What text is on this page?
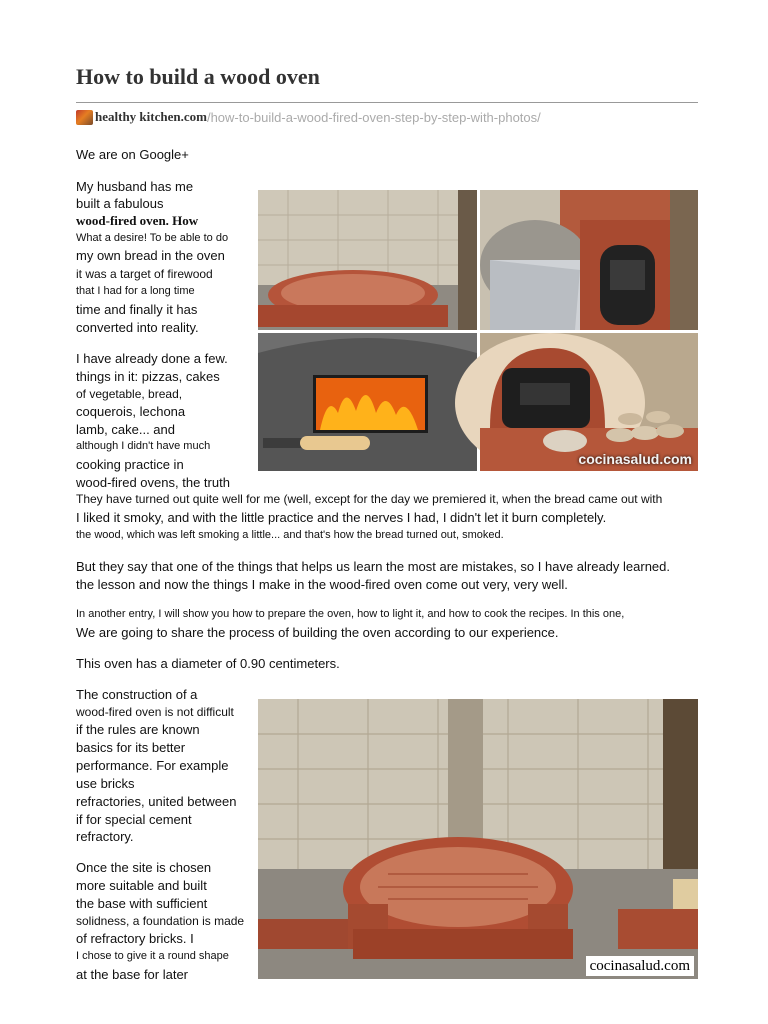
How to build a wood oven
healthy kitchen.com /how-to-build-a-wood-fired-oven-step-by-step-with-photos/
We are on Google+
My husband has me
built a fabulous
wood-fired oven. How
What a desire! To be able to do
my own bread in the oven
it was a target of firewood
that I had for a long time
time and finally it has
converted into reality.
I have already done a few.
things in it: pizzas, cakes
of vegetable, bread,
coquerois, lechona
lamb, cake... and
although I didn't have much
cooking practice in
wood-fired ovens, the truth
They have turned out quite well for me (well, except for the day we premiered it, when the bread came out with
I liked it smoky, and with the little practice and the nerves I had, I didn't let it burn completely.
the wood, which was left smoking a little... and that's how the bread turned out, smoked.
But they say that one of the things that helps us learn the most are mistakes, so I have already learned.
the lesson and now the things I make in the wood-fired oven come out very, very well.
In another entry, I will show you how to prepare the oven, how to light it, and how to cook the recipes. In this one,
We are going to share the process of building the oven according to our experience.
This oven has a diameter of 0.90 centimeters.
The construction of a
wood-fired oven is not difficult
if the rules are known
basics for its better
performance. For example
use bricks
refractories, united between
if for special cement
refractory.
Once the site is chosen
more suitable and built
the base with sufficient
solidness, a foundation is made
of refractory bricks. I
I chose to give it a round shape
at the base for later
cocinasalud.com
cocinasalud.com
